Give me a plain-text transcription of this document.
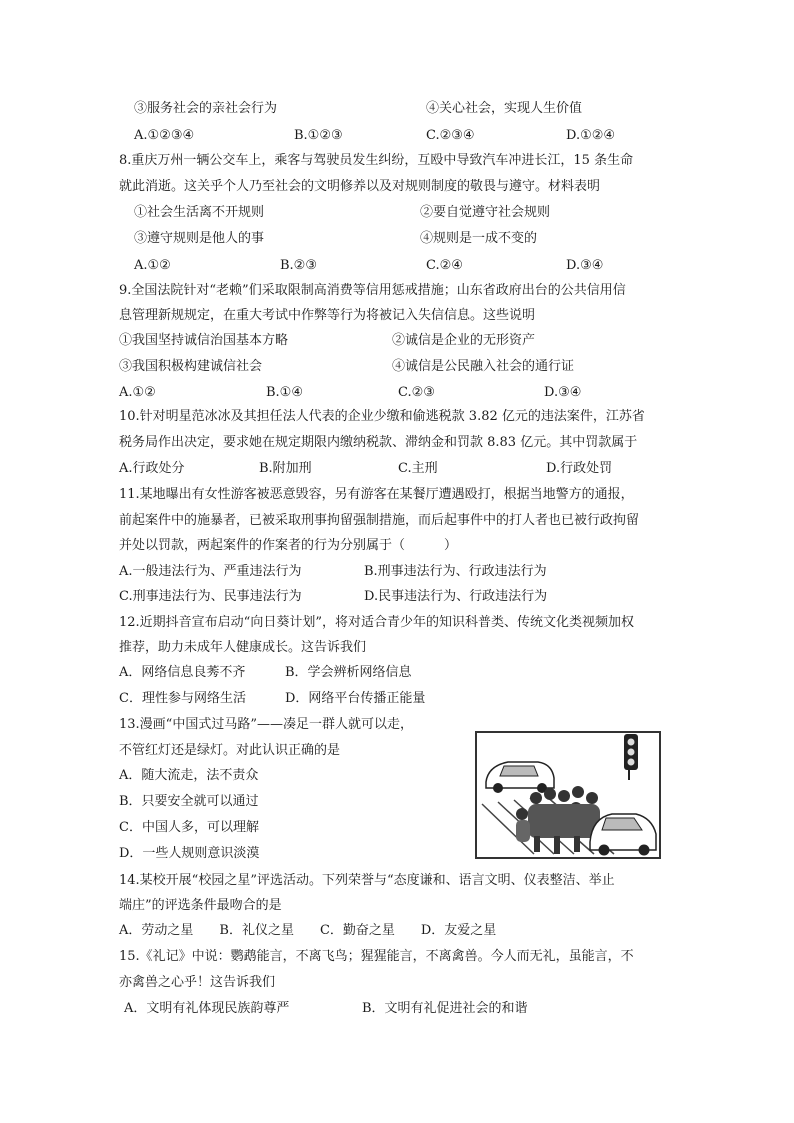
③服务社会的亲社会行为	④关心社会，实现人生价值
A.①②③④	B.①②③	C.②③④	D.①②④
8.重庆万州一辆公交车上，乘客与驾驶员发生纠纷，互殴中导致汽车冲进长江，15 条生命
就此消逝。这关乎个人乃至社会的文明修养以及对规则制度的敬畏与遵守。材料表明
①社会生活离不开规则	②要自觉遵守社会规则
③遵守规则是他人的事	④规则是一成不变的
A.①②	B.②③	C.②④	D.③④
9.全国法院针对“老赖”们采取限制高消费等信用惩戒措施；山东省政府出台的公共信用信
息管理新规规定，在重大考试中作弊等行为将被记入失信信息。这些说明
①我国坚持诚信治国基本方略	②诚信是企业的无形资产
③我国积极构建诚信社会	④诚信是公民融入社会的通行证
A.①②	B.①④	C.②③	D.③④
10.针对明星范冰冰及其担任法人代表的企业少缴和偷逃税款 3.82 亿元的违法案件，江苏省
税务局作出决定，要求她在规定期限内缴纳税款、滞纳金和罚款 8.83 亿元。其中罚款属于
A.行政处分	B.附加刑	C.主刑	D.行政处罚
11.某地曝出有女性游客被恶意毁容，另有游客在某餐厅遭遇殴打，根据当地警方的通报，
前起案件中的施暴者，已被采取刑事拘留强制措施，而后起事件中的打人者也已被行政拘留
并处以罚款，两起案件的作案者的行为分别属于（　　　）
A.一般违法行为、严重违法行为	B.刑事违法行为、行政违法行为
C.刑事违法行为、民事违法行为	D.民事违法行为、行政违法行为
12.近期抖音宣布启动“向日葵计划”，将对适合青少年的知识科普类、传统文化类视频加权
推荐，助力未成年人健康成长。这告诉我们
A．网络信息良莠不齐	B．学会辨析网络信息
C．理性参与网络生活	D．网络平台传播正能量
13.漫画“中国式过马路”——凑足一群人就可以走，
不管红灯还是绿灯。对此认识正确的是
A．随大流走，法不责众
B．只要安全就可以通过
C．中国人多，可以理解
D．一些人规则意识淡漠
14.某校开展“校园之星”评选活动。下列荣誉与“态度谦和、语言文明、仪表整洁、举止
端庄”的评选条件最吻合的是
A．劳动之星　　B．礼仪之星　　C．勤奋之星　　D．友爱之星
15.《礼记》中说：鹦鹉能言，不离飞鸟；猩猩能言，不离禽兽。今人而无礼，虽能言，不
亦禽兽之心乎！这告诉我们
A．文明有礼体现民族韵尊严	B．文明有礼促进社会的和谐
